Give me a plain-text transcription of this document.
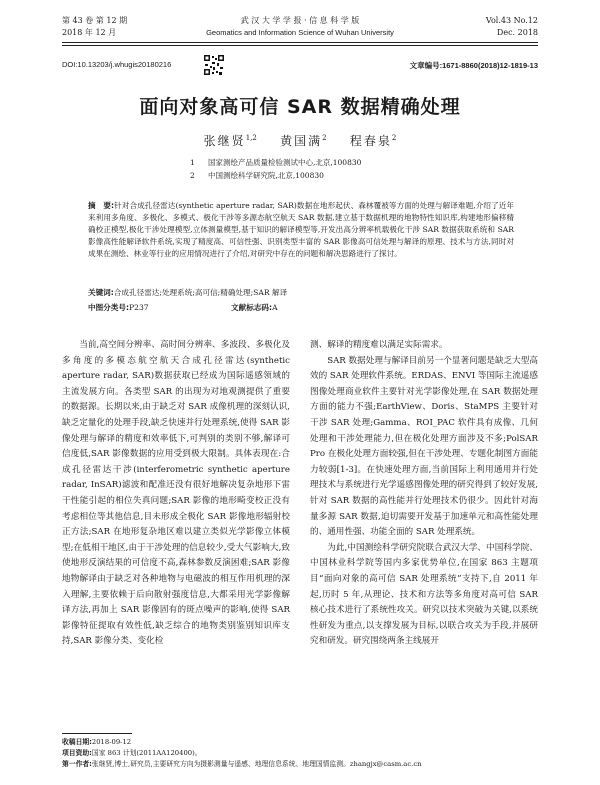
第 43 卷 第 12 期
2018 年 12 月
武 汉 大 学 学 报 · 信 息 科 学 版
Geomatics and Information Science of Wuhan University
Vol.43 No.12
Dec. 2018
DOI:10.13203/j.whugis20180216	文章编号:1671-8860(2018)12-1819-13
面向对象高可信 SAR 数据精确处理
张继贤$^{1,2}$ 黄国满$^2$ 程春泉$^2$
1 国家测绘产品质量检验测试中心,北京,100830
2 中国测绘科学研究院,北京,100830
摘　要:针对合成孔径雷达(synthetic aperture radar, SAR)数据在地形起伏、森林覆被等方面的处理与解译难题,介绍了近年来利用多角度、多极化、多模式、极化干涉等多源态航空航天 SAR 数据,建立基于数据机理的地物特性知识库,构建地形偏移精确校正模型,极化干涉处理模型,立体测量模型,基于知识的解译模型等,开发出高分辨率机载极化干涉 SAR 数据获取系统和 SAR 影像高性能解译软件系统,实现了精度高、可信性强、识别类型丰富的 SAR 影像高可信处理与解译的原理、技术与方法,同时对成果在测绘、林业等行业的应用情况进行了介绍,对研究中存在的问题和解决思路进行了探讨。
关键词:合成孔径雷达;处理系统;高可信;精确处理;SAR 解译
中图分类号:P237	文献标志码:A

当前,高空间分辨率、高时间分辨率、多波段、多极化及多角度的多模态航空航天合成孔径雷达(synthetic aperture radar, SAR)数据获取已经成为国际遥感领域的主流发展方向。各类型 SAR 的出现为对地观测提供了重要的数据源。长期以来,由于缺乏对 SAR 成像机理的深刻认识,缺乏定量化的处理手段,缺乏快速并行处理系统,使得 SAR 影像处理与解译的精度和效率低下,可判别的类别不够,解译可信度低,SAR 影像数据的应用受到极大限制。具体表现在:合成孔径雷达干涉(interferometric synthetic aperture radar, InSAR)滤波和配准还没有很好地解决复杂地形下雷干性能引起的相位失真问题;SAR 影像的地形畸变校正没有考虑相位等其他信息,目未形成全极化 SAR 影像地形辐射校正方法;SAR 在地形复杂地区难以建立类似光学影像立体模型;在低相干地区,由于干涉处理的信息较少,受大气影响大,致使地形反演结果的可信度不高,森林参数反演困难;SAR 影像地物解译由于缺乏对各种地物与电磁波的相互作用机理的深入理解,主要依赖于后向散射强度信息,大都采用光学影像解译方法,再加上 SAR 影像固有的斑点噪声的影响,使得 SAR 影像特征提取有效性低,缺乏综合的地物类别鉴别知识库支持,SAR 影像分类、变化检

测、解译的精度难以满足实际需求。

SAR 数据处理与解译目前另一个显著问题是缺乏大型高效的 SAR 处理软件系统。ERDAS、ENVI 等国际主流遥感图像处理商业软件主要针对光学影像处理,在 SAR 数据处理方面的能力不强;EarthView、Doris、StaMPS 主要针对干涉 SAR 处理;Gamma、ROI_PAC 软件具有成像、几何处理和干涉处理能力,但在极化处理方面涉及不多;PolSAR Pro 在极化处理方面较强,但在干涉处理、专题化制图方面能力较弱[1-3]。在快速处理方面,当前国际上利用通用并行处理技术与系统进行光学遥感图像处理的研究得到了较好发展,针对 SAR 数据的高性能并行处理技术仍很少。因此针对海量多源 SAR 数据,迫切需要开发基于加速单元和高性能处理的、通用性强、功能全面的 SAR 处理系统。

为此,中国测绘科学研究院联合武汉大学、中国科学院、中国林业科学院等国内多家优势单位,在国家 863 主题项目“面向对象的高可信 SAR 处理系统”支持下,自 2011 年起,历时 5 年,从理论、技术和方法等多角度对高可信 SAR 核心技术进行了系统性攻关。研究以技术突破为关键,以系统性研发为重点,以支撑发展为目标,以联合攻关为手段,并展研究和研发。研究围绕两条主线展开

收稿日期:2018-09-12
项目资助:国家 863 计划(2011AA120400)。
第一作者:张继贤,博士,研究员,主要研究方向为摄影测量与遥感、地理信息系统、地理国情监测。zhangjx@casm.ac.cn
